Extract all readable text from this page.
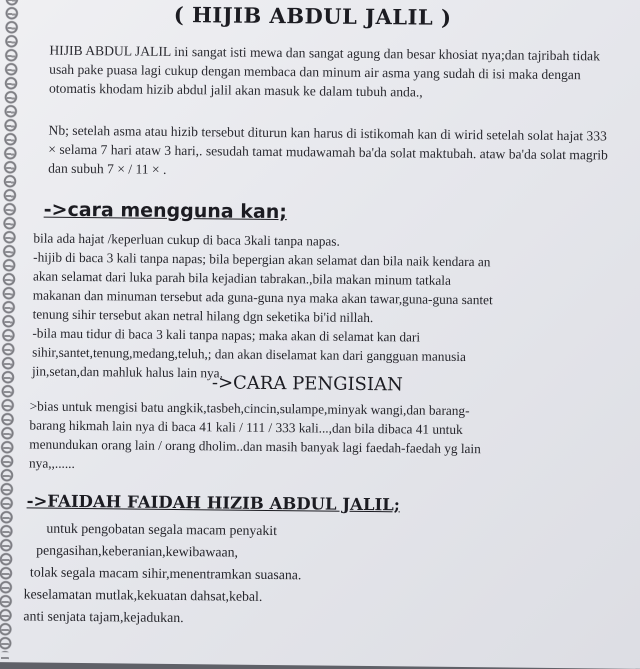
( HIJIB ABDUL JALIL )
HIJIB ABDUL JALIL ini sangat isti mewa dan sangat agung dan besar khosiat nya;dan tajribah tidak usah pake puasa lagi cukup dengan membaca dan minum air asma yang sudah di isi maka dengan otomatis khodam hizib abdul jalil akan masuk ke dalam tubuh anda.,
Nb; setelah asma atau hizib tersebut diturun kan harus di istikomah kan di wirid setelah solat hajat 333 × selama 7 hari ataw 3 hari,. sesudah tamat mudawamah ba'da solat maktubah. ataw ba'da solat magrib dan subuh 7 × / 11 × .
->cara mengguna kan;
bila ada hajat /keperluan cukup di baca 3kali tanpa napas.
-hijib di baca 3 kali tanpa napas; bila bepergian akan selamat dan bila naik kendara an
akan selamat dari luka parah bila kejadian tabrakan.,bila makan minum tatkala
makanan dan minuman tersebut ada guna-guna nya maka akan tawar,guna-guna santet
tenung sihir tersebut akan netral hilang dgn seketika bi'id nillah.
-bila mau tidur di baca 3 kali tanpa napas; maka akan di selamat kan dari
sihir,santet,tenung,medang,teluh,; dan akan diselamat kan dari gangguan manusia
jin,setan,dan mahluk halus lain nya.
->CARA PENGISIAN
>bias untuk mengisi batu angkik,tasbeh,cincin,sulampe,minyak wangi,dan barang-
barang hikmah lain nya di baca 41 kali / 111 / 333 kali...,dan bila dibaca 41 untuk
menundukan orang lain / orang dholim..dan masih banyak lagi faedah-faedah yg lain
nya,,......
->FAIDAH FAIDAH HIZIB ABDUL JALIL;
untuk pengobatan segala macam penyakit
pengasihan,keberanian,kewibawaan,
tolak segala macam sihir,menentramkan suasana.
keselamatan mutlak,kekuatan dahsat,kebal.
anti senjata tajam,kejadukan.
